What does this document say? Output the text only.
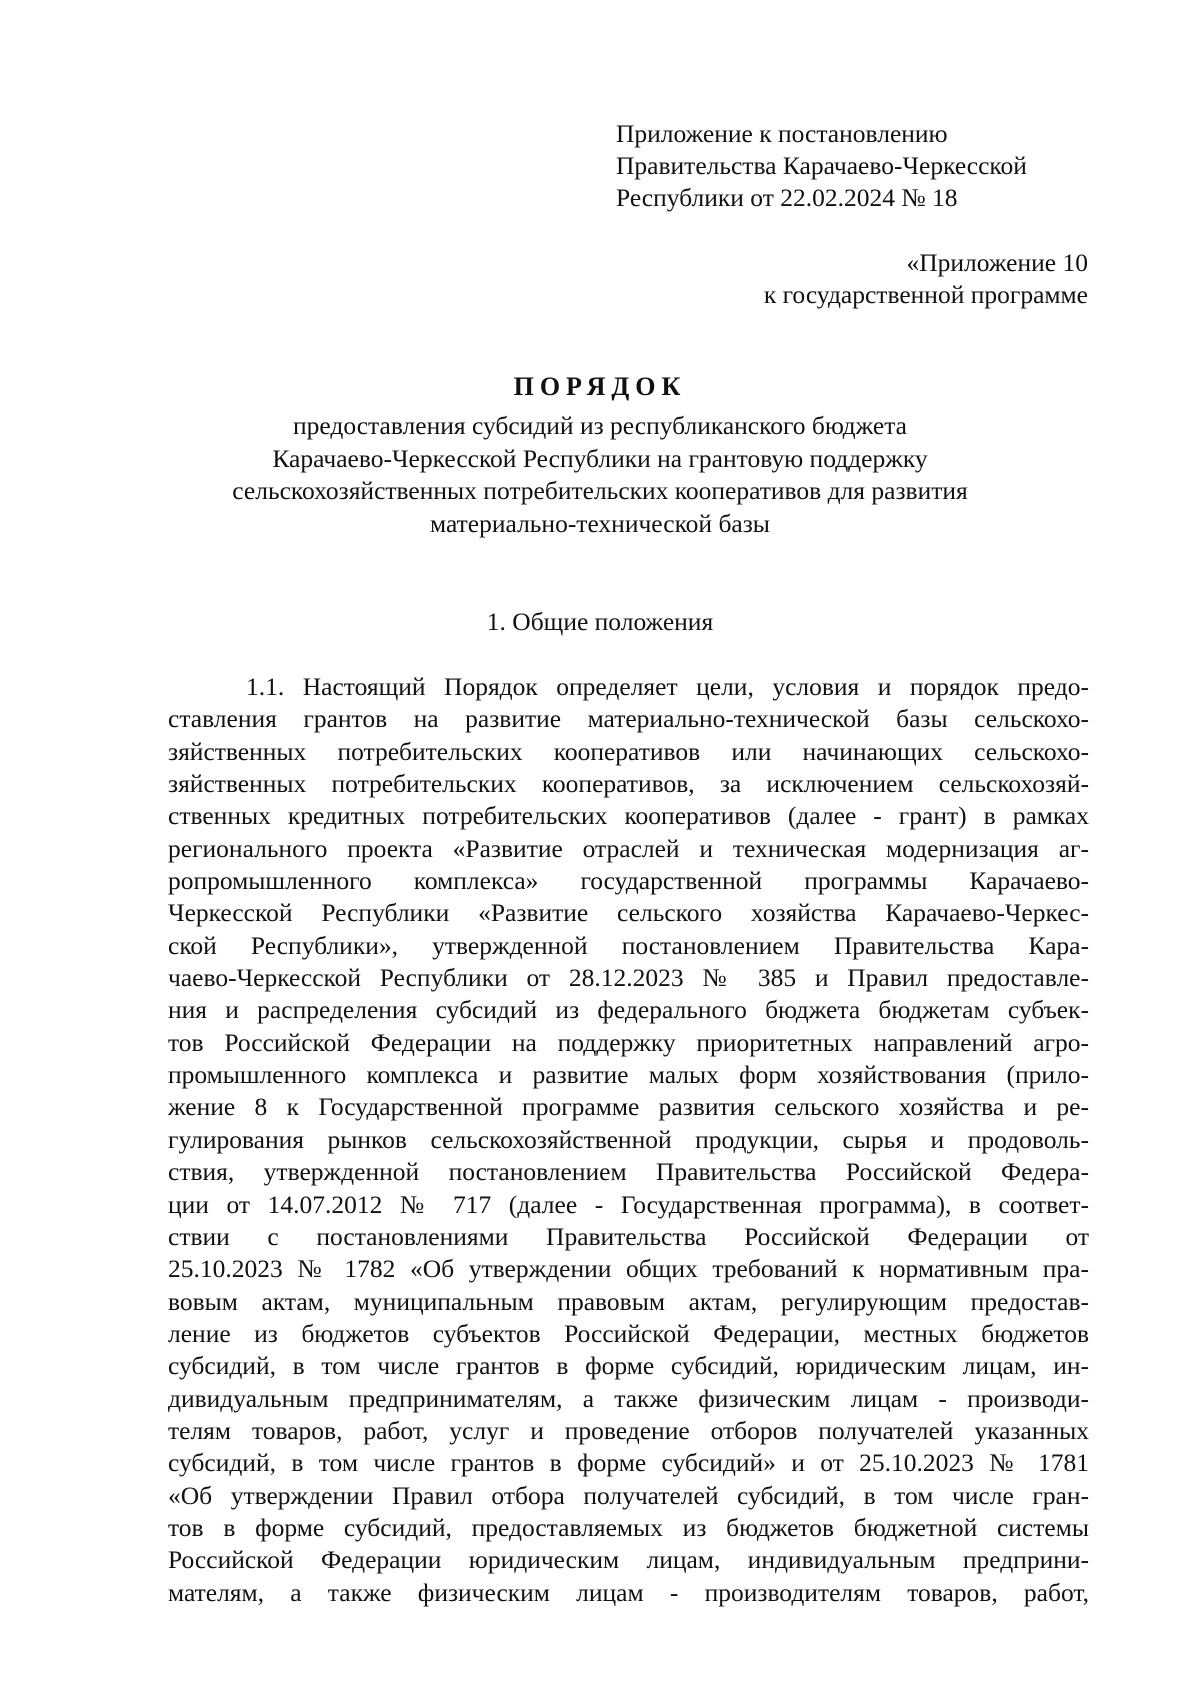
Приложение к постановлению
Правительства Карачаево-Черкесской
Республики от 22.02.2024 № 18
«Приложение 10
к государственной программе
ПОРЯДОК
предоставления субсидий из республиканского бюджета
Карачаево-Черкесской Республики на грантовую поддержку
сельскохозяйственных потребительских кооперативов для развития
материально-технической базы
1. Общие положения
1.1. Настоящий Порядок определяет цели, условия и порядок предо-
ставления грантов на развитие материально-технической базы сельскохо-
зяйственных потребительских кооперативов или начинающих сельскохо-
зяйственных потребительских кооперативов, за исключением сельскохозяй-
ственных кредитных потребительских кооперативов (далее - грант) в рамках
регионального проекта «Развитие отраслей и техническая модернизация аг-
ропромышленного комплекса» государственной программы Карачаево-
Черкесской Республики «Развитие сельского хозяйства Карачаево-Черкес-
ской Республики», утвержденной постановлением Правительства Кара-
чаево-Черкесской Республики от 28.12.2023 № 385 и Правил предоставле-
ния и распределения субсидий из федерального бюджета бюджетам субъек-
тов Российской Федерации на поддержку приоритетных направлений агро-
промышленного комплекса и развитие малых форм хозяйствования (прило-
жение 8 к Государственной программе развития сельского хозяйства и ре-
гулирования рынков сельскохозяйственной продукции, сырья и продоволь-
ствия, утвержденной постановлением Правительства Российской Федера-
ции от 14.07.2012 № 717 (далее - Государственная программа), в соответ-
ствии с постановлениями Правительства Российской Федерации от
25.10.2023 № 1782 «Об утверждении общих требований к нормативным пра-
вовым актам, муниципальным правовым актам, регулирующим предостав-
ление из бюджетов субъектов Российской Федерации, местных бюджетов
субсидий, в том числе грантов в форме субсидий, юридическим лицам, ин-
дивидуальным предпринимателям, а также физическим лицам - производи-
телям товаров, работ, услуг и проведение отборов получателей указанных
субсидий, в том числе грантов в форме субсидий» и от 25.10.2023 № 1781
«Об утверждении Правил отбора получателей субсидий, в том числе гран-
тов в форме субсидий, предоставляемых из бюджетов бюджетной системы
Российской Федерации юридическим лицам, индивидуальным предприни-
мателям, а также физическим лицам - производителям товаров, работ,
